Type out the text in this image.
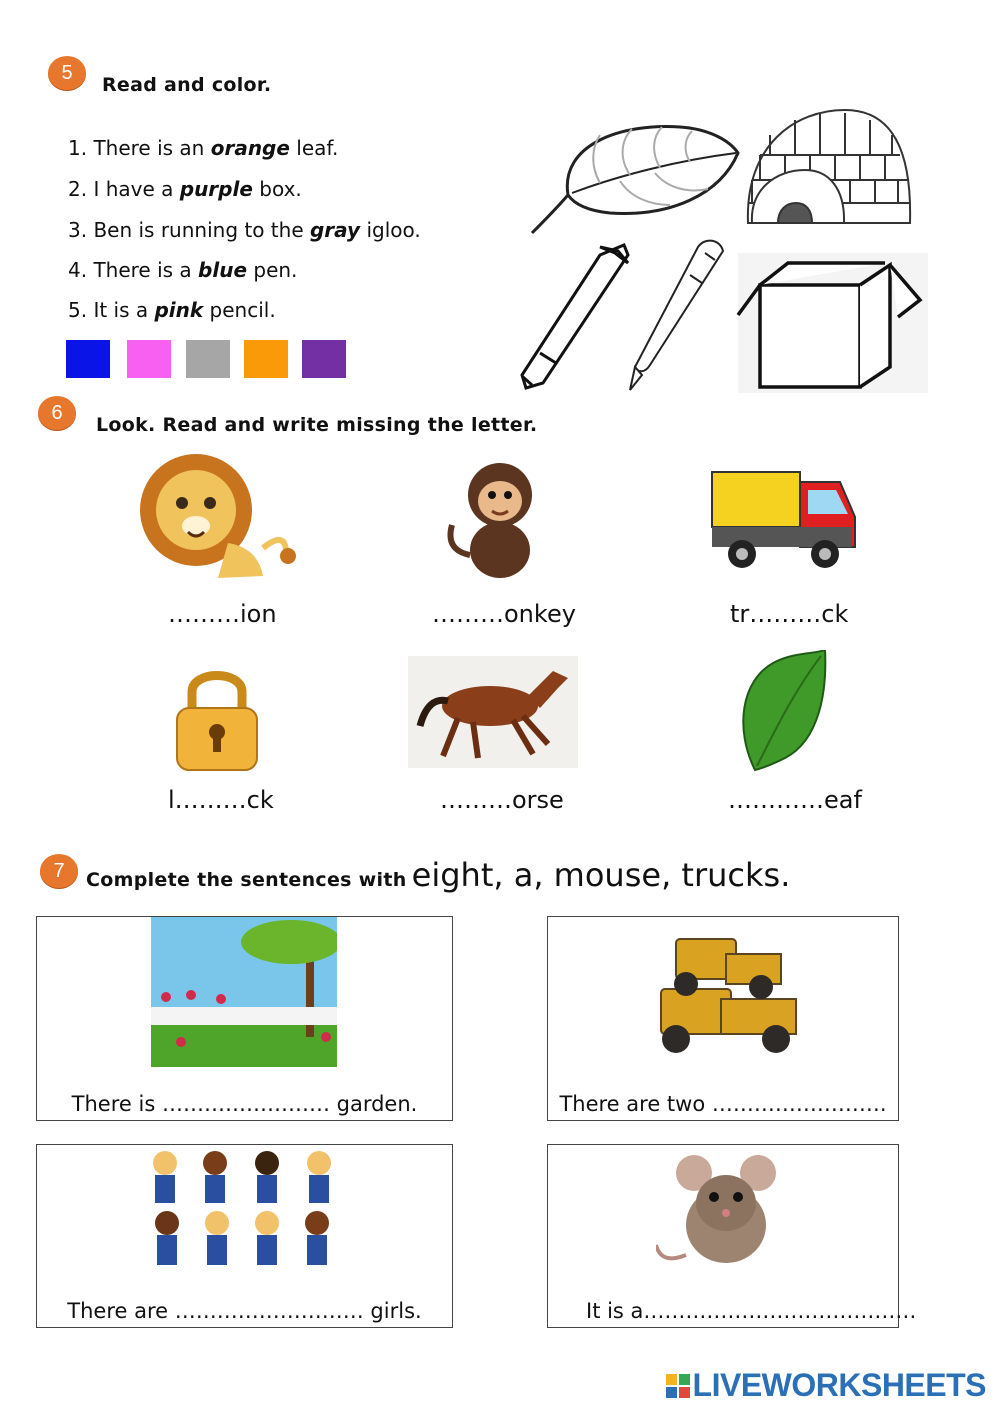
5
Read and color.
1. There is an orange leaf.
2. I have a purple box.
3. Ben is running to the gray igloo.
4. There is a blue pen.
5. It is a pink pencil.
6
Look. Read and write missing the letter.
………ion	………onkey	tr………ck
l………ck	………orse	…………eaf
7	Complete the sentences with eight, a, mouse, trucks.
There is …………………… garden.	There are two …………………….
There are ……………………… girls.	It is a…………………………………
LIVEWORKSHEETS
